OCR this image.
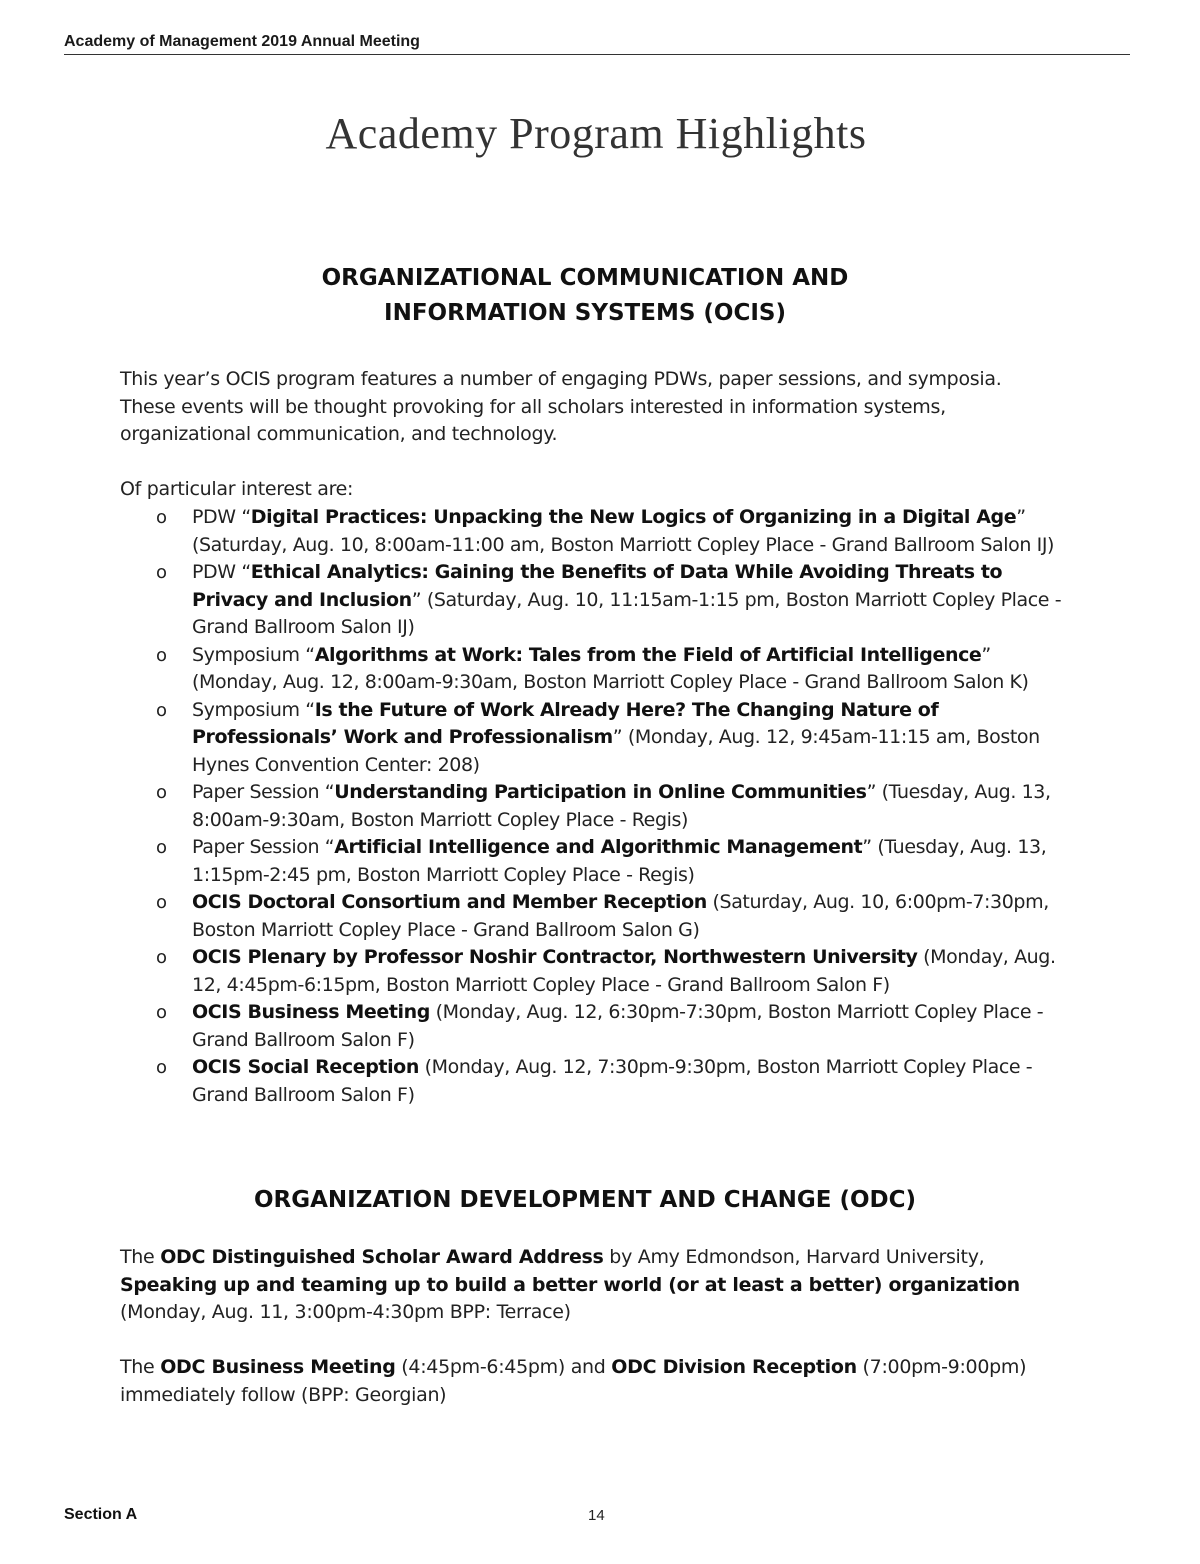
Academy of Management 2019 Annual Meeting
Academy Program Highlights
ORGANIZATIONAL COMMUNICATION AND
INFORMATION SYSTEMS (OCIS)

This year’s OCIS program features a number of engaging PDWs, paper sessions, and symposia. These events will be thought provoking for all scholars interested in information systems, organizational communication, and technology.

Of particular interest are:

o PDW “Digital Practices: Unpacking the New Logics of Organizing in a Digital Age” (Saturday, Aug. 10, 8:00am-11:00 am, Boston Marriott Copley Place - Grand Ballroom Salon IJ)
o PDW “Ethical Analytics: Gaining the Benefits of Data While Avoiding Threats to Privacy and Inclusion” (Saturday, Aug. 10, 11:15am-1:15 pm, Boston Marriott Copley Place - Grand Ballroom Salon IJ)
o Symposium “Algorithms at Work: Tales from the Field of Artificial Intelligence” (Monday, Aug. 12, 8:00am-9:30am, Boston Marriott Copley Place - Grand Ballroom Salon K)
o Symposium “Is the Future of Work Already Here? The Changing Nature of Professionals’ Work and Professionalism” (Monday, Aug. 12, 9:45am-11:15 am, Boston Hynes Convention Center: 208)
o Paper Session “Understanding Participation in Online Communities” (Tuesday, Aug. 13, 8:00am-9:30am, Boston Marriott Copley Place - Regis)
o Paper Session “Artificial Intelligence and Algorithmic Management” (Tuesday, Aug. 13, 1:15pm-2:45 pm, Boston Marriott Copley Place - Regis)
o OCIS Doctoral Consortium and Member Reception (Saturday, Aug. 10, 6:00pm-7:30pm, Boston Marriott Copley Place - Grand Ballroom Salon G)
o OCIS Plenary by Professor Noshir Contractor, Northwestern University (Monday, Aug. 12, 4:45pm-6:15pm, Boston Marriott Copley Place - Grand Ballroom Salon F)
o OCIS Business Meeting (Monday, Aug. 12, 6:30pm-7:30pm, Boston Marriott Copley Place - Grand Ballroom Salon F)
o OCIS Social Reception (Monday, Aug. 12, 7:30pm-9:30pm, Boston Marriott Copley Place - Grand Ballroom Salon F)
ORGANIZATION DEVELOPMENT AND CHANGE (ODC)

The ODC Distinguished Scholar Award Address by Amy Edmondson, Harvard University, Speaking up and teaming up to build a better world (or at least a better) organization (Monday, Aug. 11, 3:00pm-4:30pm BPP: Terrace)

The ODC Business Meeting (4:45pm-6:45pm) and ODC Division Reception (7:00pm-9:00pm) immediately follow (BPP: Georgian)

Section A	14
